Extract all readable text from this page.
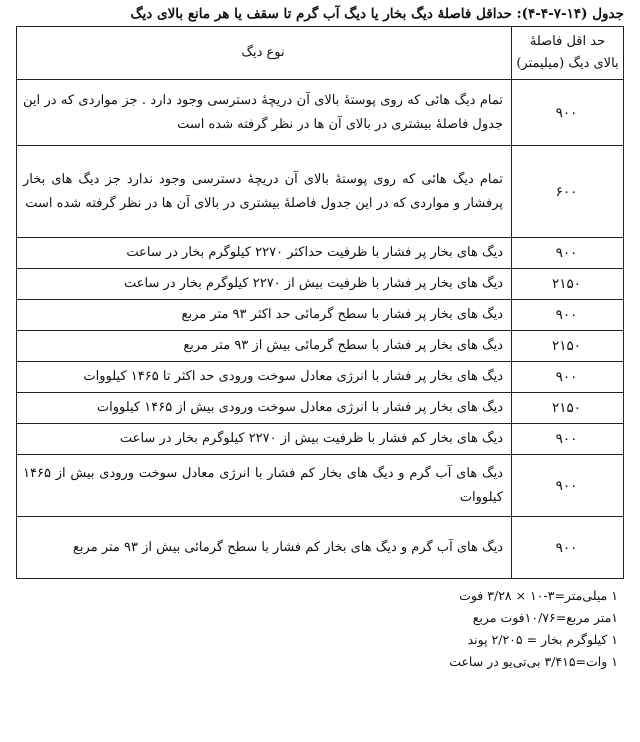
جدول (۱۴-۷-۴-۴): حداقل فاصلهٔ دیگ بخار یا دیگ آب گرم تا سقف یا هر مانع بالای دیگ
حد اقل فاصلهٔ بالای دیگ (میلیمتر)	نوع دیگ
۹۰۰	تمام دیگ هائی که روی پوستهٔ بالای آن دریچهٔ دسترسی وجود دارد . جز مواردی که در این جدول فاصلهٔ بیشتری در بالای آن ها در نظر گرفته شده است
۶۰۰	تمام دیگ هائی که روی پوستهٔ بالای آن دریچهٔ دسترسی وجود ندارد جز دیگ های بخار پرفشار و مواردی که در این جدول فاصلهٔ بیشتری در بالای آن ها در نظر گرفته شده است
۹۰۰	دیگ های بخار پر فشار با ظرفیت حداکثر ۲۲۷۰ کیلوگرم بخار در ساعت
۲۱۵۰	دیگ های بخار پر فشار با ظرفیت بیش از ۲۲۷۰ کیلوگرم بخار در ساعت
۹۰۰	دیگ های بخار پر فشار با سطح گرمائی حد اکثر ۹۳ متر مربع
۲۱۵۰	دیگ های بخار پر فشار با سطح گرمائی بیش از ۹۳ متر مربع
۹۰۰	دیگ های بخار پر فشار با انرژی معادل سوخت ورودی حد اکثر تا ۱۴۶۵ کیلووات
۲۱۵۰	دیگ های بخار پر فشار با انرژی معادل سوخت ورودی بیش از ۱۴۶۵ کیلووات
۹۰۰	دیگ های بخار کم فشار با ظرفیت بیش از ۲۲۷۰ کیلوگرم بخار در ساعت
۹۰۰	دیگ های آب گرم و دیگ های بخار کم فشار با انرژی معادل سوخت ورودی بیش از ۱۴۶۵ کیلووات
۹۰۰	دیگ های آب گرم و دیگ های بخار کم فشار با سطح گرمائی بیش از ۹۳ متر مربع
۱ میلی‌متر=۳-۱۰ × ۳/۲۸ فوت
۱متر مربع=۱۰/۷۶فوت مربع
۱ کیلوگرم بخار = ۲/۲۰۵ پوند
۱ وات=۳/۴۱۵ بی‌تی‌یو در ساعت
